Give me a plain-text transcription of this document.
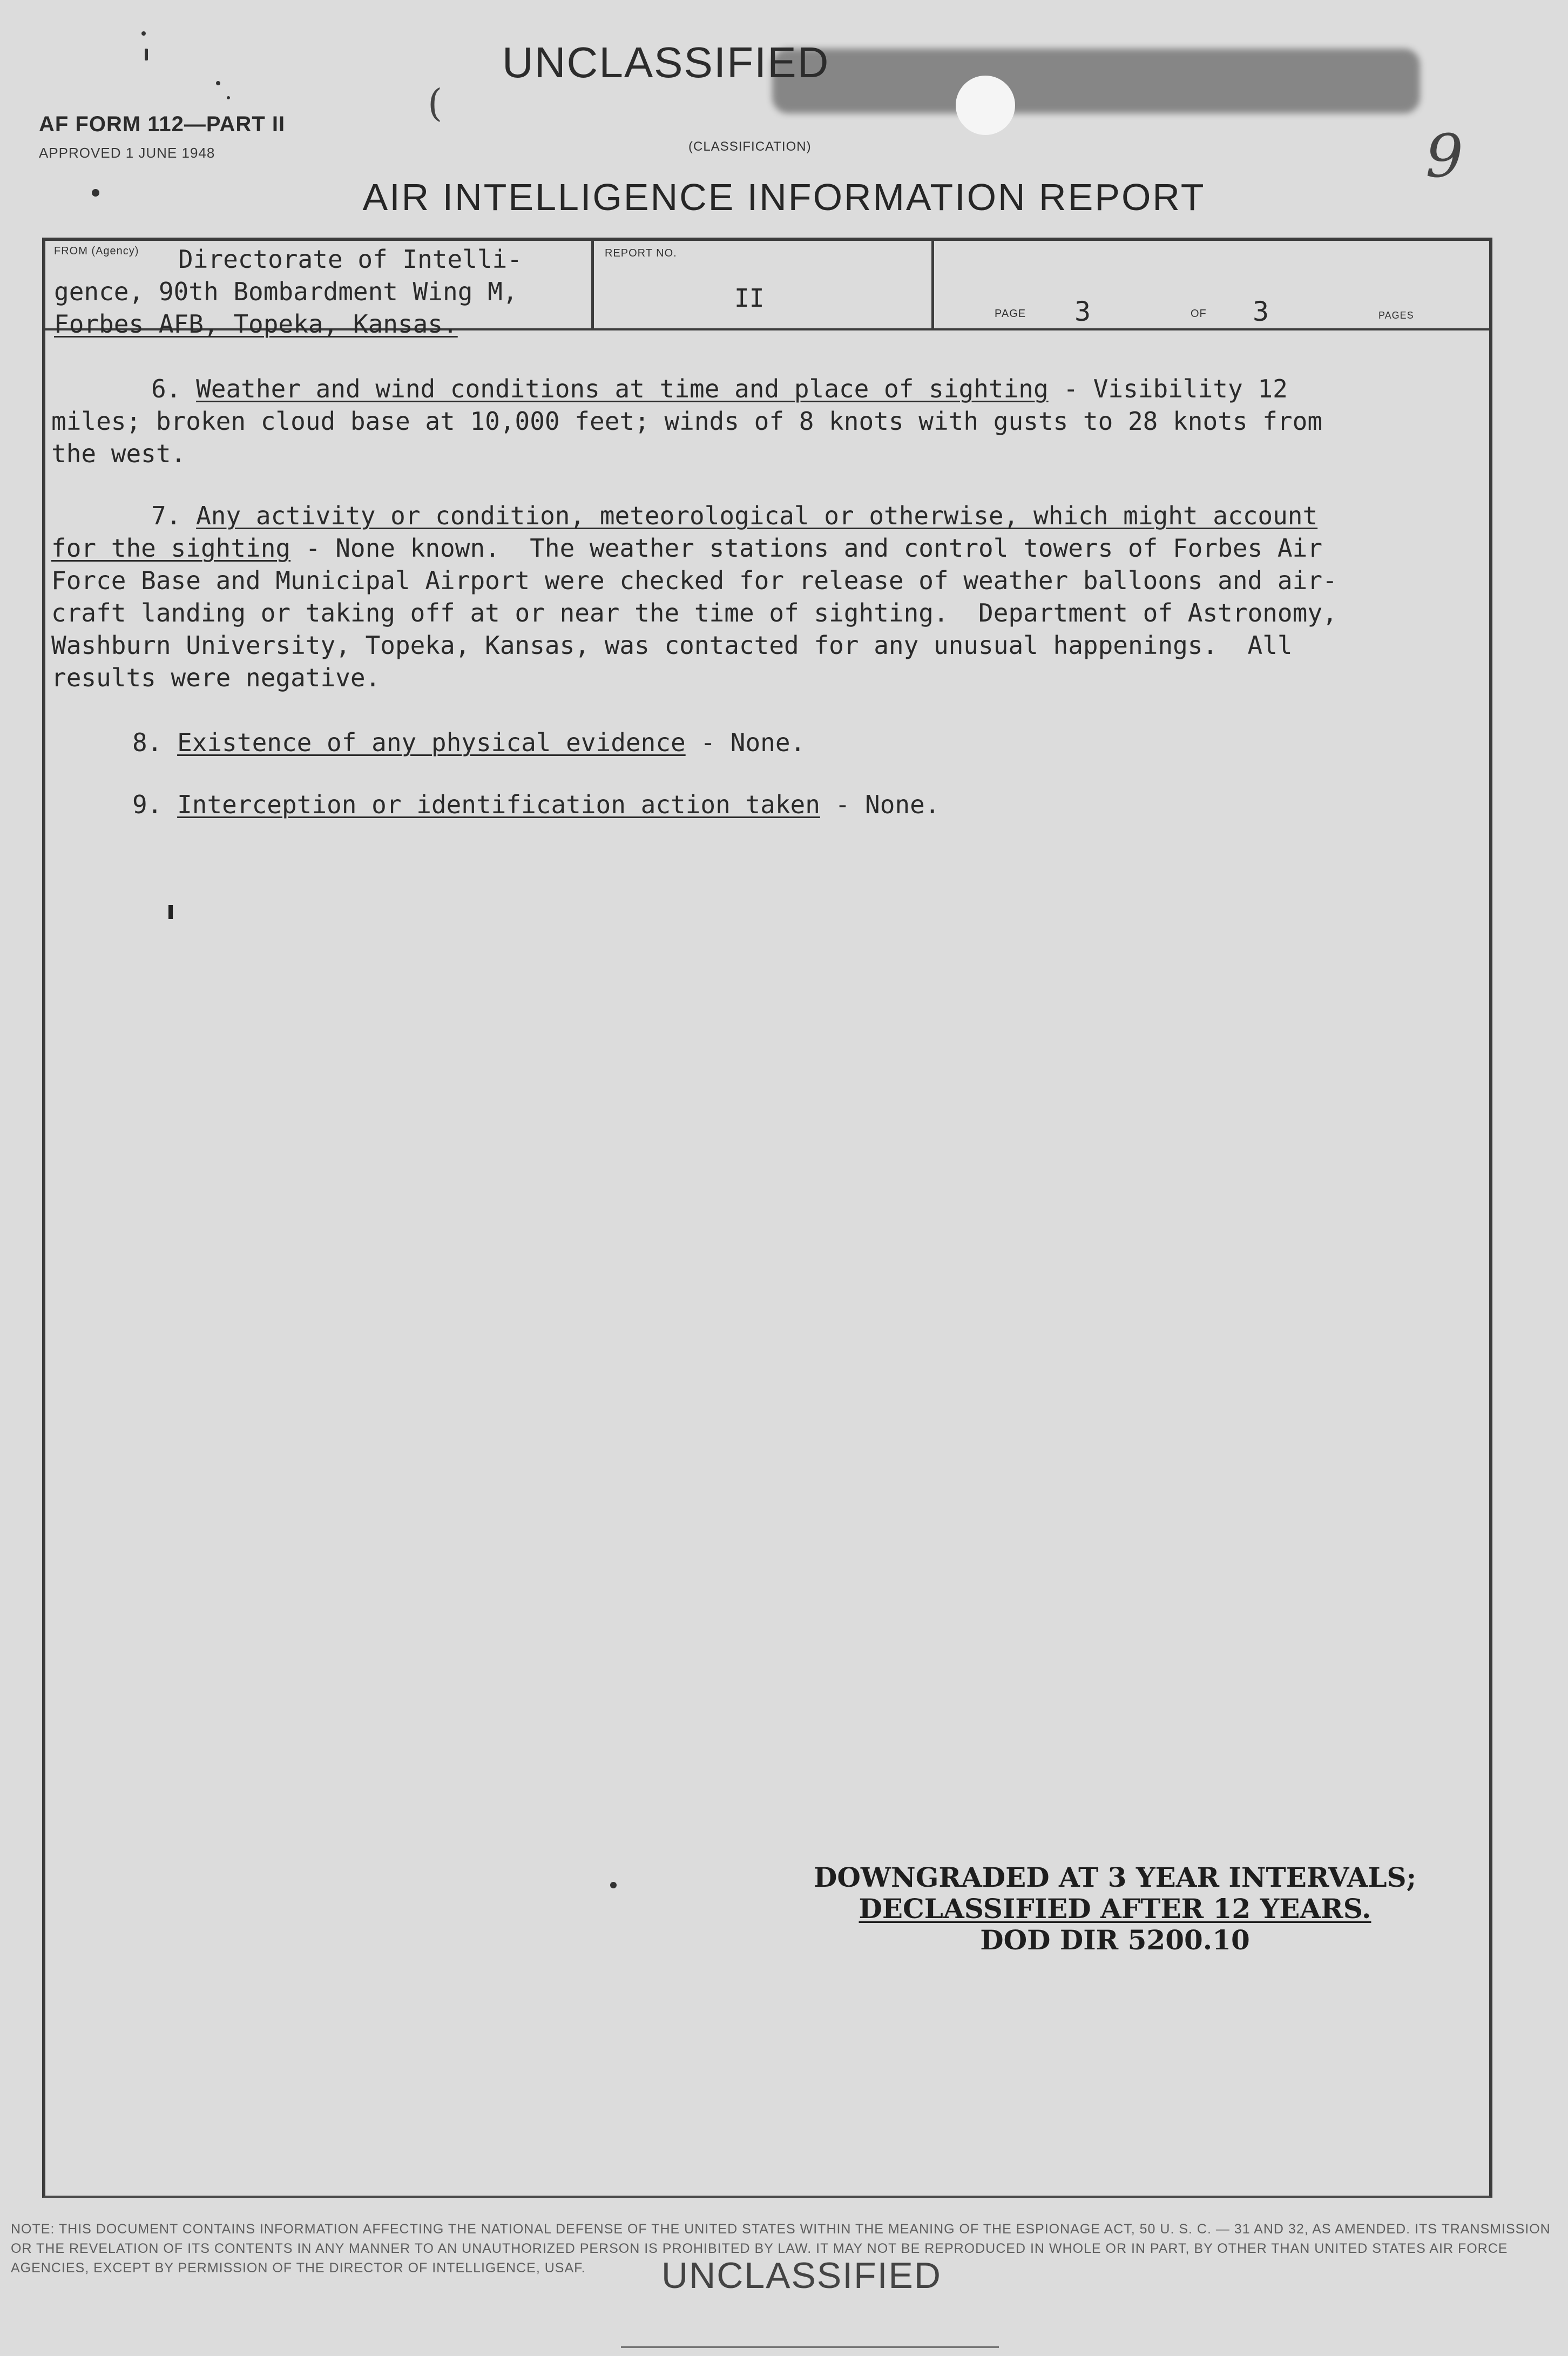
AF FORM 112—PART II
APPROVED 1 JUNE 1948
(
UNCLASSIFIED
(CLASSIFICATION)	9
AIR INTELLIGENCE INFORMATION REPORT
FROM (Agency)	Directorate of Intelli-
gence, 90th Bombardment Wing M,
Forbes AFB, Topeka, Kansas.
REPORT NO.
II
PAGE 3	OF 3	PAGES
6. Weather and wind conditions at time and place of sighting - Visibility 12
miles; broken cloud base at 10,000 feet; winds of 8 knots with gusts to 28 knots from
the west.
7. Any activity or condition, meteorological or otherwise, which might account
for the sighting - None known.  The weather stations and control towers of Forbes Air
Force Base and Municipal Airport were checked for release of weather balloons and air-
craft landing or taking off at or near the time of sighting.  Department of Astronomy,
Washburn University, Topeka, Kansas, was contacted for any unusual happenings.  All
results were negative.
8. Existence of any physical evidence - None.
9. Interception or identification action taken - None.
DOWNGRADED AT 3 YEAR INTERVALS;
DECLASSIFIED AFTER 12 YEARS.
DOD DIR 5200.10
NOTE: THIS DOCUMENT CONTAINS INFORMATION AFFECTING THE NATIONAL DEFENSE OF THE UNITED STATES WITHIN THE MEANING OF THE ESPIONAGE ACT, 50 U. S. C. — 31 AND 32, AS AMENDED. ITS TRANSMISSION OR THE REVELATION OF ITS CONTENTS IN ANY MANNER TO AN UNAUTHORIZED PERSON IS PROHIBITED BY LAW. IT MAY NOT BE REPRODUCED IN WHOLE OR IN PART, BY OTHER THAN UNITED STATES AIR FORCE AGENCIES, EXCEPT BY PERMISSION OF THE DIRECTOR OF INTELLIGENCE, USAF.	UNCLASSIFIED
